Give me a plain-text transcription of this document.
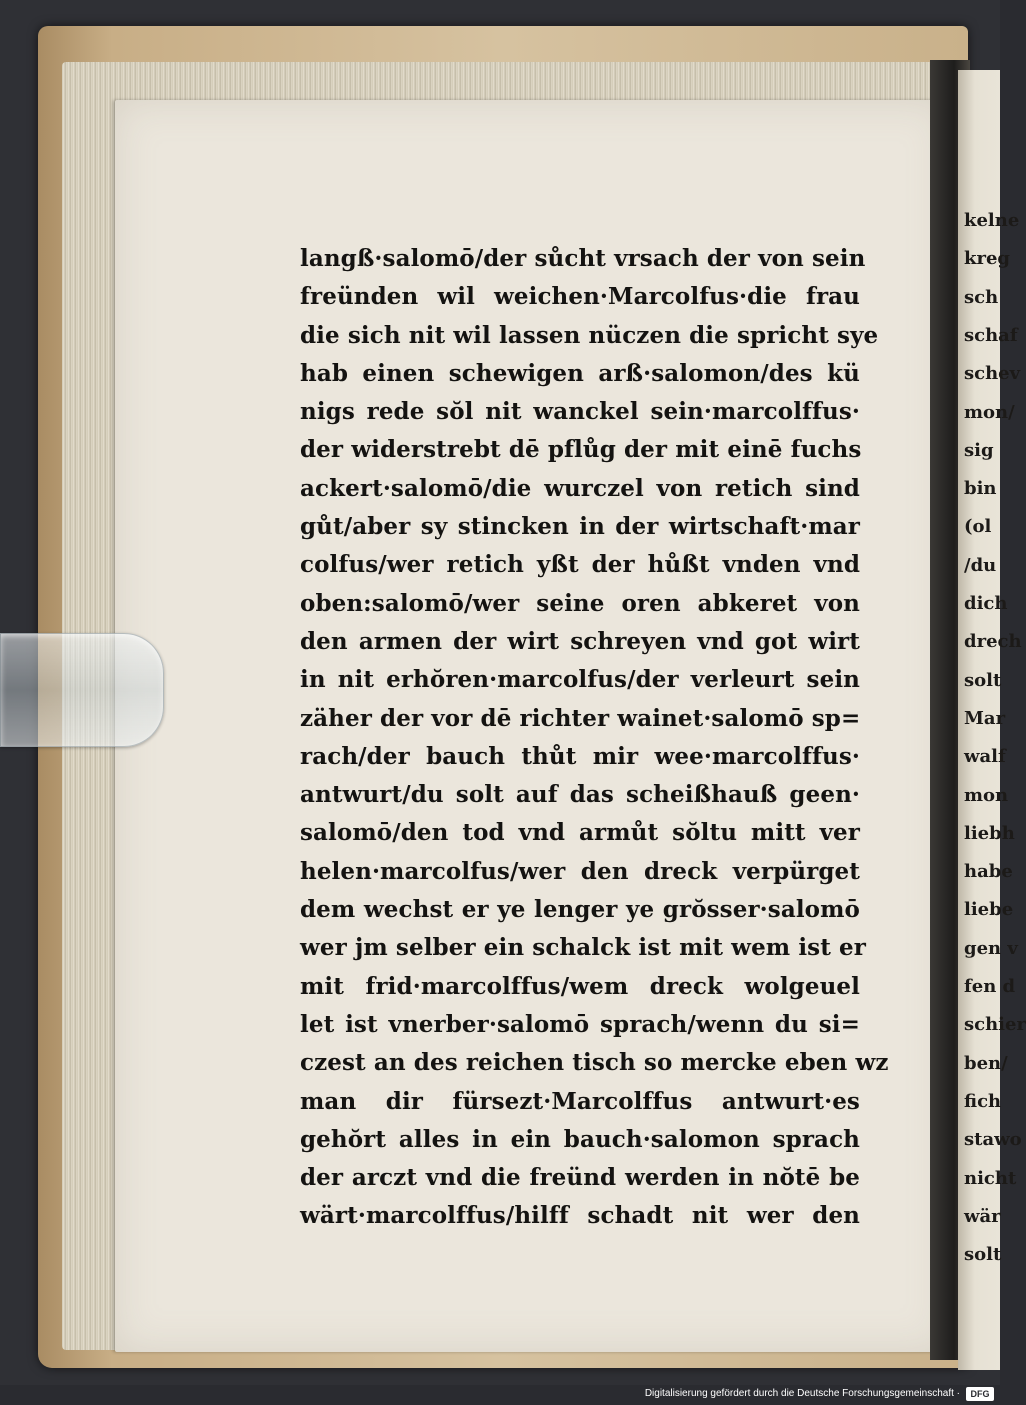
kelne
kreg
sch
schaf
schev
mon/
sig
bin
(ol
/du
dich
drech
solt
Mar
walf
mon
liebh
habe
liebe
gen v
fen d
schier
ben/
fich
stawo
nicht
wär
solt
langß·salomō/der sůcht vrsach der von sein
freünden wil weichen·Marcolfus·die frau
die sich nit wil lassen nüczen die spricht sye
hab einen schewigen arß·salomon/des kü
nigs rede sŏl nit wanckel sein·marcolffus·
der widerstrebt dē pflůg der mit einē fuchs
ackert·salomō/die wurczel von retich sind
gůt/aber sy stincken in der wirtschaft·mar
colfus/wer retich yßt der hůßt vnden vnd
oben:salomō/wer seine oren abkeret von
den armen der wirt schreyen vnd got wirt
in nit erhŏren·marcolfus/der verleurt sein
zäher der vor dē richter wainet·salomō sp=
rach/der bauch thůt mir wee·marcolffus·
antwurt/du solt auf das scheißhauß geen·
salomō/den tod vnd armůt sŏltu mitt ver
helen·marcolfus/wer den dreck verpürget
dem wechst er ye lenger ye grŏsser·salomō
wer jm selber ein schalck ist mit wem ist er
mit frid·marcolffus/wem dreck wolgeuel
let ist vnerber·salomō sprach/wenn du si=
czest an des reichen tisch so mercke eben wz
man dir fürsezt·Marcolffus antwurt·es
gehŏrt alles in ein bauch·salomon sprach
der arczt vnd die freünd werden in nŏtē be
wärt·marcolffus/hilff schadt nit wer den
Digitalisierung gefördert durch die Deutsche Forschungsgemeinschaft ·	DFG
